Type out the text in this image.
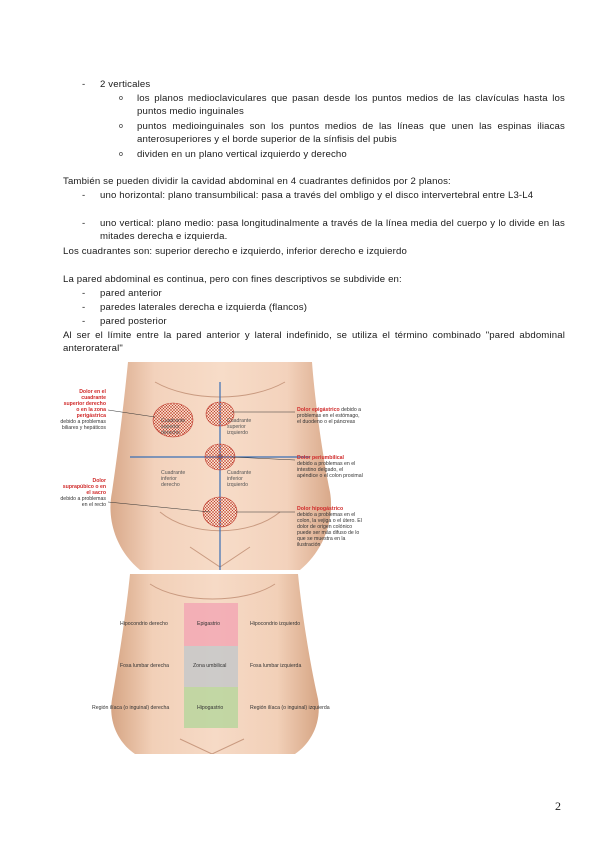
- 2 verticales
o los planos medioclaviculares que pasan desde los puntos medios de las clavículas hasta los puntos medio inguinales
o puntos medioinguinales son los puntos medios de las líneas que unen las espinas iliacas anterosuperiores y el borde superior de la sínfisis del pubis
o dividen en un plano vertical izquierdo y derecho
También se pueden dividir la cavidad abdominal en 4 cuadrantes definidos por 2 planos:
- uno horizontal: plano transumbilical: pasa a través del ombligo y el disco intervertebral entre L3-L4
- uno vertical: plano medio: pasa longitudinalmente a través de la línea media del cuerpo y lo divide en las mitades derecha e izquierda.
Los cuadrantes son: superior derecho e izquierdo, inferior derecho e izquierdo
La pared abdominal es continua, pero con fines descriptivos se subdivide en:
- pared anterior
- paredes laterales derecha e izquierda (flancos)
- pared posterior
Al ser el límite entre la pared anterior y lateral indefinido, se utiliza el término combinado "pared abdominal anterorateral"
Dolor en el cuadrante superior derecho o en la zona perigástrica
debido a problemas biliares y hepáticos
Dolor suprapúbico o en el sacro
debido a problemas en el recto
Cuadrante superior derecho
Cuadrante superior izquierdo
Cuadrante inferior derecho
Cuadrante inferior izquierdo
Dolor epigástrico debido a problemas en el estómago, el duodeno o el páncreas
Dolor periumbilical
debido a problemas en el intestino delgado, el apéndice o el colon proximal
Dolor hipogástrico
debido a problemas en el colon, la vejiga o el útero. El dolor de origen colónico puede ser más difuso de lo que se muestra en la ilustración
Hipocondrio derecho	Epigastrio	Hipocondrio izquierdo
Fosa lumbar derecha	Zona umbilical	Fosa lumbar izquierda
Región ilíaca (o inguinal) derecha	Hipogastrio	Región ilíaca (o inguinal) izquierda
2
